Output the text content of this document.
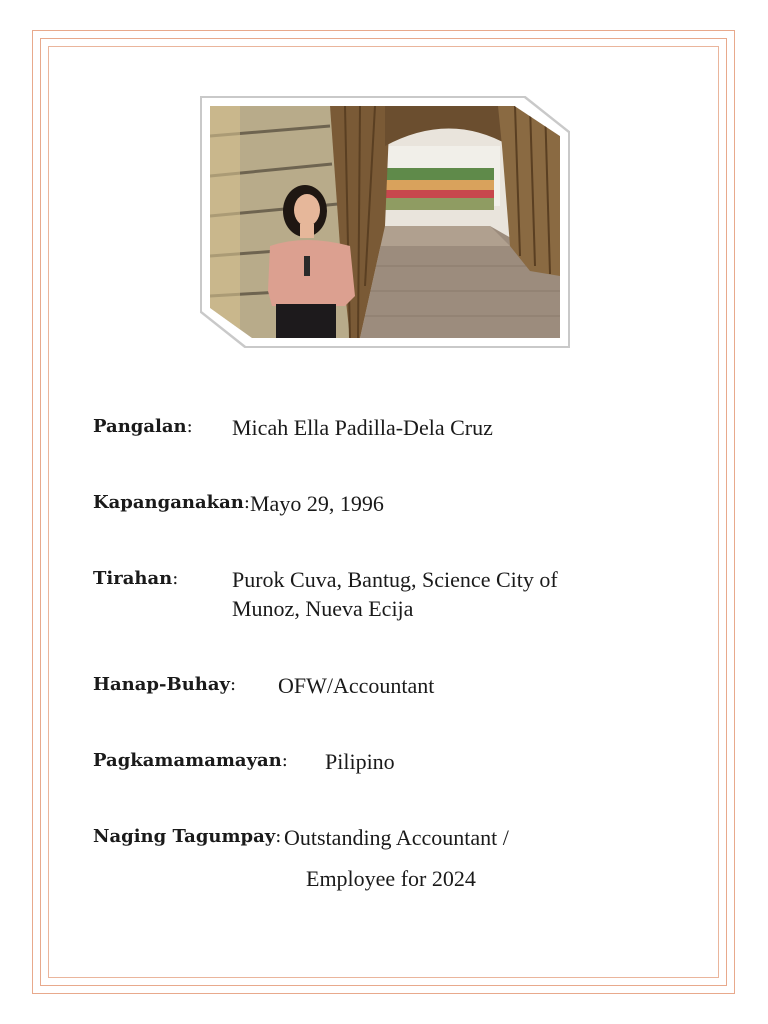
Pangalan: Micah Ella Padilla-Dela Cruz
Kapanganakan: Mayo 29, 1996
Tirahan: Purok Cuva, Bantug, Science City of
Munoz, Nueva Ecija
Hanap-Buhay: OFW/Accountant
Pagkamamamayan: Pilipino
Naging Tagumpay: Outstanding Accountant /
Employee for 2024
